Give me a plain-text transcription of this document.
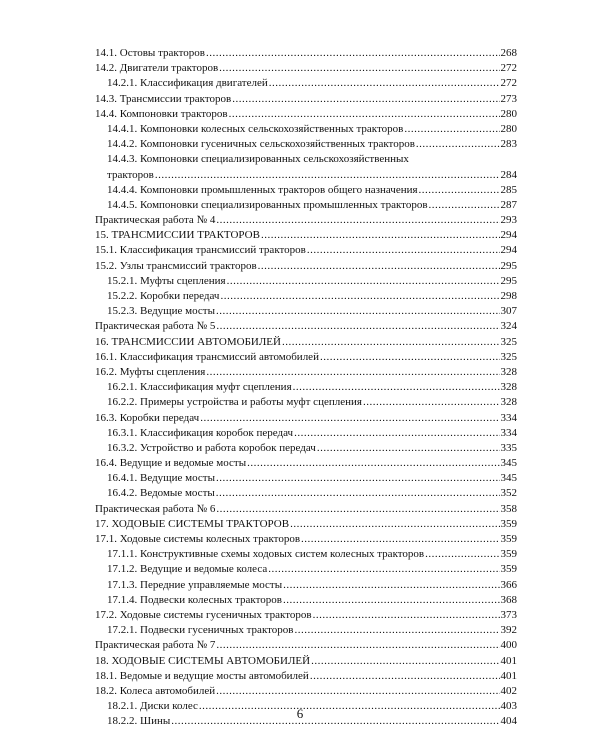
14.1. Остовы тракторов .....	268
14.2. Двигатели тракторов .....	272
14.2.1. Классификация двигателей .....	272
14.3. Трансмиссии тракторов .....	273
14.4. Компоновки тракторов .....	280
14.4.1. Компоновки колесных сельскохозяйственных тракторов .....	280
14.4.2. Компоновки гусеничных сельскохозяйственных тракторов .....	283
14.4.3. Компоновки специализированных сельскохозяйственных
тракторов .....	284
14.4.4. Компоновки промышленных тракторов общего назначения .....	285
14.4.5. Компоновки специализированных промышленных тракторов .....	287
Практическая работа № 4 .....	293
15. ТРАНСМИССИИ ТРАКТОРОВ .....	294
15.1. Классификация трансмиссий тракторов .....	294
15.2. Узлы трансмиссий тракторов .....	295
15.2.1. Муфты сцепления .....	295
15.2.2. Коробки передач .....	298
15.2.3. Ведущие мосты .....	307
Практическая работа № 5 .....	324
16. ТРАНСМИССИИ АВТОМОБИЛЕЙ .....	325
16.1. Классификация трансмиссий автомобилей .....	325
16.2. Муфты сцепления .....	328
16.2.1. Классификация муфт сцепления .....	328
16.2.2. Примеры устройства и работы муфт сцепления .....	328
16.3. Коробки передач .....	334
16.3.1. Классификация коробок передач .....	334
16.3.2. Устройство и работа коробок передач .....	335
16.4. Ведущие и ведомые мосты .....	345
16.4.1. Ведущие мосты .....	345
16.4.2. Ведомые мосты .....	352
Практическая работа № 6 .....	358
17. ХОДОВЫЕ СИСТЕМЫ ТРАКТОРОВ .....	359
17.1. Ходовые системы колесных тракторов .....	359
17.1.1. Конструктивные схемы ходовых систем колесных тракторов .....	359
17.1.2. Ведущие и ведомые колеса .....	359
17.1.3. Передние управляемые мосты .....	366
17.1.4. Подвески колесных тракторов .....	368
17.2. Ходовые системы гусеничных тракторов .....	373
17.2.1. Подвески гусеничных тракторов .....	392
Практическая работа № 7 .....	400
18. ХОДОВЫЕ СИСТЕМЫ АВТОМОБИЛЕЙ .....	401
18.1. Ведомые и ведущие мосты автомобилей .....	401
18.2. Колеса автомобилей .....	402
18.2.1. Диски колес .....	403
18.2.2. Шины .....	404
6
